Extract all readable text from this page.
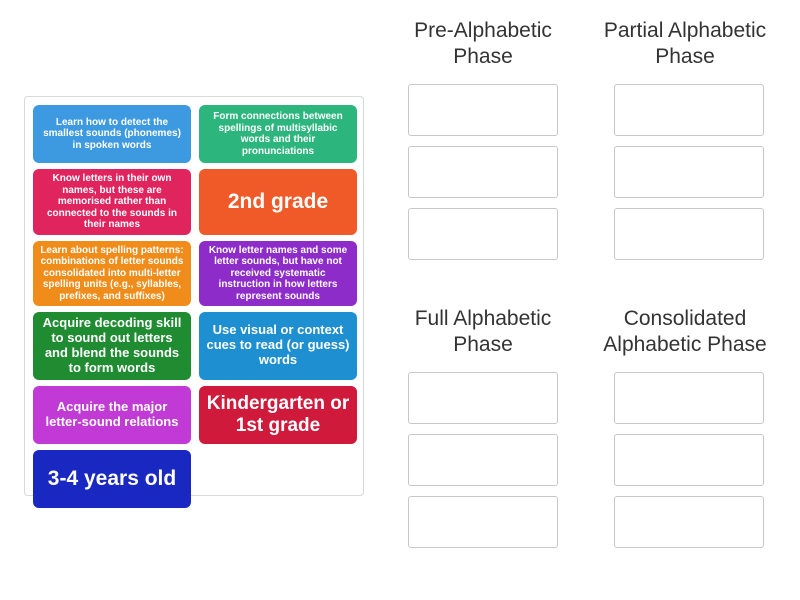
Learn how to detect the smallest sounds (phonemes) in spoken words
Form connections between spellings of multisyllabic words and their pronunciations
Know letters in their own names, but these are memorised rather than connected to the sounds in their names
2nd grade
Learn about spelling patterns: combinations of letter sounds consolidated into multi-letter spelling units (e.g., syllables, prefixes, and suffixes)
Know letter names and some letter sounds, but have not received systematic instruction in how letters represent sounds
Acquire decoding skill to sound out letters and blend the sounds to form words
Use visual or context cues to read (or guess) words
Acquire the major letter-sound relations
Kindergarten or 1st grade
3-4 years old
Pre-Alphabetic Phase
Partial Alphabetic Phase
Full Alphabetic Phase
Consolidated Alphabetic Phase
